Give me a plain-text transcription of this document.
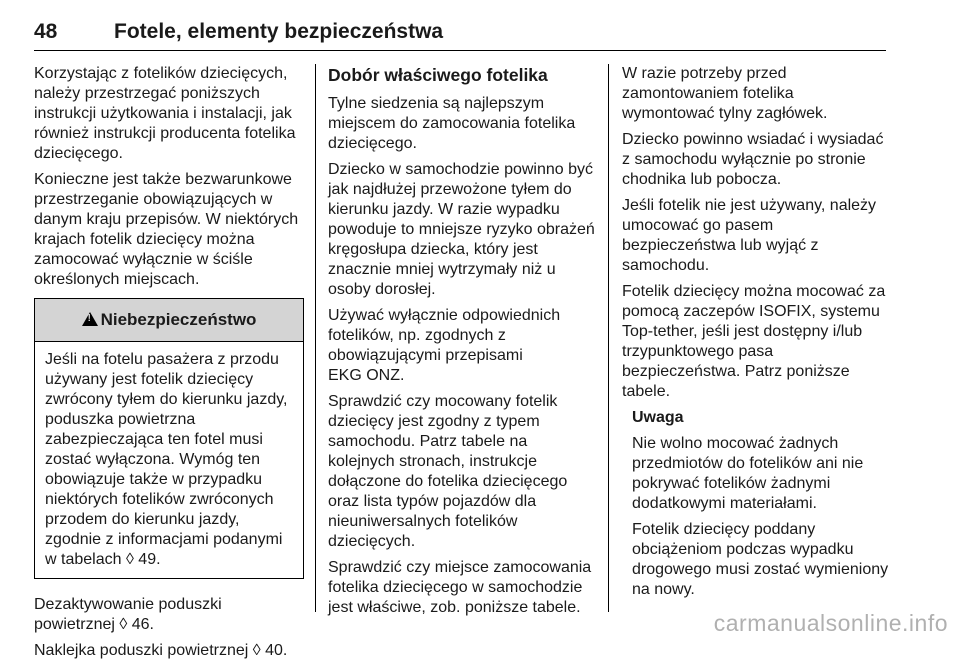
48	Fotele, elementy bezpieczeństwa

Korzystając z fotelików dziecięcych,
należy przestrzegać poniższych
instrukcji użytkowania i instalacji, jak
również instrukcji producenta fotelika
dziecięcego.

Konieczne jest także bezwarunkowe
przestrzeganie obowiązujących w
danym kraju przepisów. W niektórych
krajach fotelik dziecięcy można
zamocować wyłącznie w ściśle
określonych miejscach.

!Niebezpieczeństwo
Jeśli na fotelu pasażera z przodu
używany jest fotelik dziecięcy
zwrócony tyłem do kierunku jazdy,
poduszka powietrzna
zabezpieczająca ten fotel musi
zostać wyłączona. Wymóg ten
obowiązuje także w przypadku
niektórych fotelików zwróconych
przodem do kierunku jazdy,
zgodnie z informacjami podanymi
w tabelach ◊ 49.

Dezaktywowanie poduszki
powietrznej ◊ 46.

Naklejka poduszki powietrznej ◊ 40.

Dobór właściwego fotelika

Tylne siedzenia są najlepszym
miejscem do zamocowania fotelika
dziecięcego.

Dziecko w samochodzie powinno być
jak najdłużej przewożone tyłem do
kierunku jazdy. W razie wypadku
powoduje to mniejsze ryzyko obrażeń
kręgosłupa dziecka, który jest
znacznie mniej wytrzymały niż u
osoby dorosłej.

Używać wyłącznie odpowiednich
fotelików, np. zgodnych z
obowiązującymi przepisami
EKG ONZ.

Sprawdzić czy mocowany fotelik
dziecięcy jest zgodny z typem
samochodu. Patrz tabele na
kolejnych stronach, instrukcje
dołączone do fotelika dziecięcego
oraz lista typów pojazdów dla
nieuniwersalnych fotelików
dziecięcych.

Sprawdzić czy miejsce zamocowania
fotelika dziecięcego w samochodzie
jest właściwe, zob. poniższe tabele.

W razie potrzeby przed
zamontowaniem fotelika
wymontować tylny zagłówek.

Dziecko powinno wsiadać i wysiadać
z samochodu wyłącznie po stronie
chodnika lub pobocza.

Jeśli fotelik nie jest używany, należy
umocować go pasem
bezpieczeństwa lub wyjąć z
samochodu.

Fotelik dziecięcy można mocować za
pomocą zaczepów ISOFIX, systemu
Top-tether, jeśli jest dostępny i/lub
trzypunktowego pasa
bezpieczeństwa. Patrz poniższe
tabele.

Uwaga

Nie wolno mocować żadnych
przedmiotów do fotelików ani nie
pokrywać fotelików żadnymi
dodatkowymi materiałami.

Fotelik dziecięcy poddany
obciążeniom podczas wypadku
drogowego musi zostać wymieniony
na nowy.

carmanualsonline.info
